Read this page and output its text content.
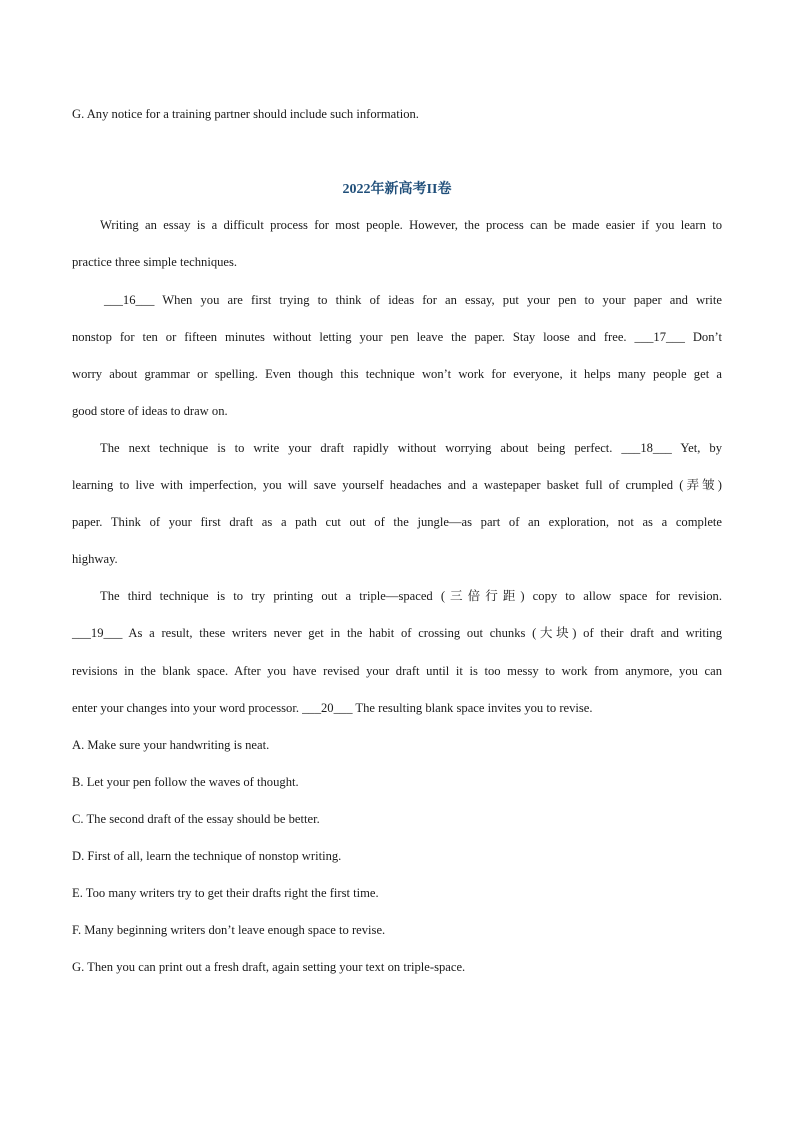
G. Any notice for a training partner should include such information.
2022年新高考II卷
Writing an essay is a difficult process for most people. However, the process can be made easier if you learn to
practice three simple techniques.
___16___ When you are first trying to think of ideas for an essay, put your pen to your paper and write
nonstop for ten or fifteen minutes without letting your pen leave the paper. Stay loose and free. ___17___ Don’t
worry about grammar or spelling. Even though this technique won’t work for everyone, it helps many people get a
good store of ideas to draw on.
The next technique is to write your draft rapidly without worrying about being perfect. ___18___ Yet, by
learning to live with imperfection, you will save yourself headaches and a wastepaper basket full of crumpled (弄皱)
paper. Think of your first draft as a path cut out of the jungle—as part of an exploration, not as a complete
highway.
The third technique is to try printing out a triple—spaced (三倍行距) copy to allow space for revision.
___19___ As a result, these writers never get in the habit of crossing out chunks (大块) of their draft and writing
revisions in the blank space. After you have revised your draft until it is too messy to work from anymore, you can
enter your changes into your word processor. ___20___ The resulting blank space invites you to revise.
A. Make sure your handwriting is neat.
B. Let your pen follow the waves of thought.
C. The second draft of the essay should be better.
D. First of all, learn the technique of nonstop writing.
E. Too many writers try to get their drafts right the first time.
F. Many beginning writers don’t leave enough space to revise.
G. Then you can print out a fresh draft, again setting your text on triple-space.
